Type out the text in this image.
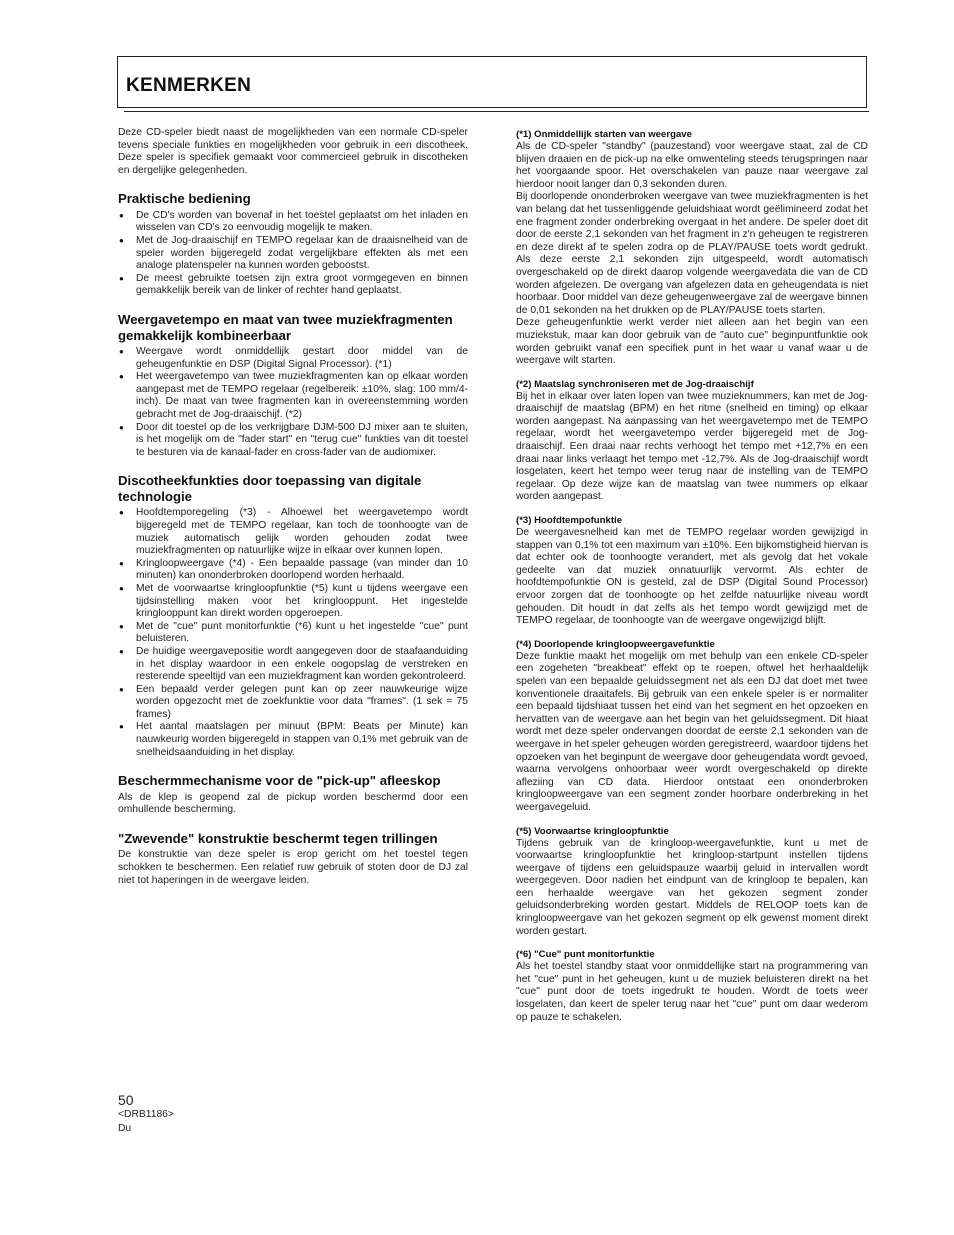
KENMERKEN

Deze CD-speler biedt naast de mogelijkheden van een normale CD-speler tevens speciale funkties en mogelijkheden voor gebruik in een discotheek. Deze speler is specifiek gemaakt voor commercieel gebruik in discotheken en dergelijke gelegenheden.

Praktische bediening
● De CD's worden van bovenaf in het toestel geplaatst om het inladen en wisselen van CD's zo eenvoudig mogelijk te maken.
● Met de Jog-draaischijf en TEMPO regelaar kan de draaisnelheid van de speler worden bijgeregeld zodat vergelijkbare effekten als met een analoge platenspeler na kunnen worden geboostst.
● De meest gebruikte toetsen zijn extra groot vormgegeven en binnen gemakkelijk bereik van de linker of rechter hand geplaatst.
Weergavetempo en maat van twee muziekfragmenten gemakkelijk kombineerbaar
● Weergave wordt onmiddellijk gestart door middel van de geheugenfunktie en DSP (Digital Signal Processor). (*1)
● Het weergavetempo van twee muziekfragmenten kan op elkaar worden aangepast met de TEMPO regelaar (regelbereik: ±10%, slag: 100 mm/4-inch). De maat van twee fragmenten kan in overeenstemming worden gebracht met de Jog-draaischijf. (*2)
● Door dit toestel op de los verkrijgbare DJM-500 DJ mixer aan te sluiten, is het mogelijk om de "fader start" en "terug cue" funkties van dit toestel te besturen via de kanaal-fader en cross-fader van de audiomixer.
Discotheekfunkties door toepassing van digitale technologie
● Hoofdtemporegeling (*3) - Alhoewel het weergavetempo wordt bijgeregeld met de TEMPO regelaar, kan toch de toonhoogte van de muziek automatisch gelijk worden gehouden zodat twee muziekfragmenten op natuurlijke wijze in elkaar over kunnen lopen.
● Kringloopweergave (*4) - Een bepaalde passage (van minder dan 10 minuten) kan ononderbroken doorlopend worden herhaald.
● Met de voorwaartse kringloopfunktie (*5) kunt u tijdens weergave een tijdsinstelling maken voor het kringlooppunt. Het ingestelde kringlooppunt kan direkt worden opgeroepen.
● Met de "cue" punt monitorfunktie (*6) kunt u het ingestelde "cue" punt beluisteren.
● De huidige weergavepositie wordt aangegeven door de staafaanduiding in het display waardoor in een enkele oogopslag de verstreken en resterende speeltijd van een muziekfragment kan worden gekontroleerd.
● Een bepaald verder gelegen punt kan op zeer nauwkeurige wijze worden opgezocht met de zoekfunktie voor data "frames". (1 sek = 75 frames)
● Het aantal maatslagen per minuut (BPM: Beats per Minute) kan nauwkeurig worden bijgeregeld in stappen van 0,1% met gebruik van de snelheidsaanduiding in het display.
Beschermmechanisme voor de "pick-up" afleeskop

Als de klep is geopend zal de pickup worden beschermd door een omhullende bescherming.

"Zwevende" konstruktie beschermt tegen trillingen

De konstruktie van deze speler is erop gericht om het toestel tegen schokken te beschermen. Een relatief ruw gebruik of stoten door de DJ zal niet tot haperingen in de weergave leiden.

(*1) Onmiddellijk starten van weergave

Als de CD-speler "standby" (pauzestand) voor weergave staat, zal de CD blijven draaien en de pick-up na elke omwenteling steeds terugspringen naar het voorgaande spoor. Het overschakelen van pauze naar weergave zal hierdoor nooit langer dan 0,3 sekonden duren.

Bij doorlopende ononderbroken weergave van twee muziekfragmenten is het van belang dat het tussenliggende geluidshiaat wordt geëlimineerd zodat het ene fragment zonder onderbreking overgaat in het andere. De speler doet dit door de eerste 2,1 sekonden van het fragment in z'n geheugen te registreren en deze direkt af te spelen zodra op de PLAY/PAUSE toets wordt gedrukt. Als deze eerste 2,1 sekonden zijn uitgespeeld, wordt automatisch overgeschakeld op de direkt daarop volgende weergavedata die van de CD worden afgelezen. De overgang van afgelezen data en geheugendata is niet hoorbaar. Door middel van deze geheugenweergave zal de weergave binnen de 0,01 sekonden na het drukken op de PLAY/PAUSE toets starten.

Deze geheugenfunktie werkt verder niet alleen aan het begin van een muziekstuk, maar kan door gebruik van de "auto cue" beginpuntfunktie ook worden gebruikt vanaf een specifiek punt in het waar u vanaf waar u de weergave wilt starten.

(*2) Maatslag synchroniseren met de Jog-draaischijf

Bij het in elkaar over laten lopen van twee muzieknummers, kan met de Jog-draaischijf de maatslag (BPM) en het ritme (snelheid en timing) op elkaar worden aangepast. Na aanpassing van het weergavetempo met de TEMPO regelaar, wordt het weergavetempo verder bijgeregeld met de Jog-draaischijf. Een draai naar rechts verhoogt het tempo met +12,7% en een draai naar links verlaagt het tempo met -12,7%. Als de Jog-draaischijf wordt losgelaten, keert het tempo weer terug naar de instelling van de TEMPO regelaar. Op deze wijze kan de maatslag van twee nummers op elkaar worden aangepast.

(*3) Hoofdtempofunktie

De weergavesnelheid kan met de TEMPO regelaar worden gewijzigd in stappen van 0,1% tot een maximum van ±10%. Een bijkomstigheid hiervan is dat echter ook de toonhoogte verandert, met als gevolg dat het vokale gedeelte van dat muziek onnatuurlijk vervormt. Als echter de hoofdtempofunktie ON is gesteld, zal de DSP (Digital Sound Processor) ervoor zorgen dat de toonhoogte op het zelfde natuurlijke niveau wordt gehouden. Dit houdt in dat zelfs als het tempo wordt gewijzigd met de TEMPO regelaar, de toonhoogte van de weergave ongewijzigd blijft.

(*4) Doorlopende kringloopweergavefunktie

Deze funktie maakt het mogelijk om met behulp van een enkele CD-speler een zogeheten "breakbeat" effekt op te roepen, oftwel het herhaaldelijk spelen van een bepaalde geluidssegment net als een DJ dat doet met twee konventionele draaitafels. Bij gebruik van een enkele speler is er normaliter een bepaald tijdshiaat tussen het eind van het segment en het opzoeken en hervatten van de weergave aan het begin van het geluidssegment. Dit hiaat wordt met deze speler ondervangen doordat de eerste 2,1 sekonden van de weergave in het speler geheugen worden geregistreerd, waardoor tijdens het opzoeken van het beginpunt de weergave door geheugendata wordt gevoed, waarna vervolgens onhoorbaar weer wordt overgeschakeld op direkte afleziing van CD data. Hierdoor ontstaat een ononderbroken kringloopweergave van een segment zonder hoorbare onderbreking in het weergavegeluid.

(*5) Voorwaartse kringloopfunktie

Tijdens gebruik van de kringloop-weergavefunktie, kunt u met de voorwaartse kringloopfunktie het kringloop-startpunt instellen tijdens weergave of tijdens een geluidspauze waarbij geluid in intervallen wordt weergegeven. Door nadien het eindpunt van de kringloop te bepalen, kan een herhaalde weergave van het gekozen segment zonder geluidsonderbreking worden gestart. Middels de RELOOP toets kan de kringloopweergave van het gekozen segment op elk gewenst moment direkt worden gestart.

(*6) "Cue" punt monitorfunktie

Als het toestel standby staat voor onmiddellijke start na programmering van het "cue" punt in het geheugen, kunt u de muziek beluisteren direkt na het "cue" punt door de toets ingedrukt te houden. Wordt de toets weer losgelaten, dan keert de speler terug naar het "cue" punt om daar wederom op pauze te schakelen.

50
<DRB1186>
Du
